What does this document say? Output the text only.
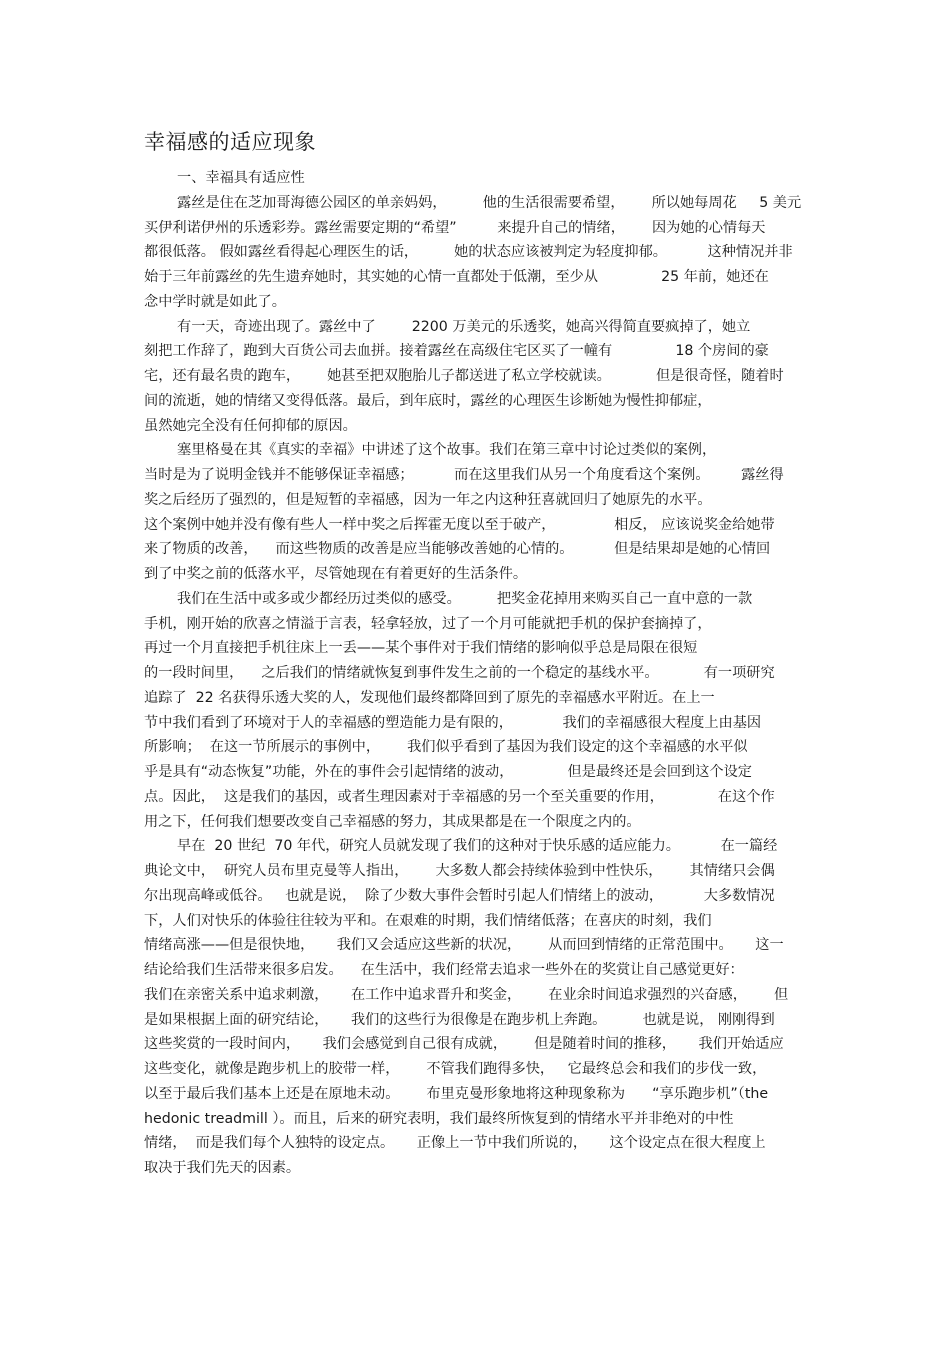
幸福感的适应现象
一、幸福具有适应性
露丝是住在芝加哥海德公园区的单亲妈妈，        他的生活很需要希望，      所以她每周花     5 美元
买伊利诺伊州的乐透彩券。露丝需要定期的“希望”         来提升自己的情绪，      因为她的心情每天
都很低落。 假如露丝看得起心理医生的话，        她的状态应该被判定为轻度抑郁。         这种情况并非
始于三年前露丝的先生遗弃她时，其实她的心情一直都处于低潮，至少从              25 年前，她还在
念中学时就是如此了。
有一天，奇迹出现了。露丝中了        2200 万美元的乐透奖，她高兴得简直要疯掉了，她立
刻把工作辞了，跑到大百货公司去血拼。接着露丝在高级住宅区买了一幢有              18 个房间的豪
宅，还有最名贵的跑车，      她甚至把双胞胎儿子都送进了私立学校就读。          但是很奇怪，随着时
间的流逝，她的情绪又变得低落。最后，到年底时，露丝的心理医生诊断她为慢性抑郁症，
虽然她完全没有任何抑郁的原因。
塞里格曼在其《真实的幸福》中讲述了这个故事。我们在第三章中讨论过类似的案例，
当时是为了说明金钱并不能够保证幸福感；         而在这里我们从另一个角度看这个案例。       露丝得
奖之后经历了强烈的，但是短暂的幸福感，因为一年之内这种狂喜就回归了她原先的水平。
这个案例中她并没有像有些人一样中奖之后挥霍无度以至于破产，             相反， 应该说奖金给她带
来了物质的改善，    而这些物质的改善是应当能够改善她的心情的。         但是结果却是她的心情回
到了中奖之前的低落水平，尽管她现在有着更好的生活条件。
我们在生活中或多或少都经历过类似的感受。        把奖金花掉用来购买自己一直中意的一款
手机，刚开始的欣喜之情溢于言表，轻拿轻放，过了一个月可能就把手机的保护套摘掉了，
再过一个月直接把手机往床上一丢——某个事件对于我们情绪的影响似乎总是局限在很短
的一段时间里，    之后我们的情绪就恢复到事件发生之前的一个稳定的基线水平。          有一项研究
追踪了  22 名获得乐透大奖的人，发现他们最终都降回到了原先的幸福感水平附近。在上一
节中我们看到了环境对于人的幸福感的塑造能力是有限的，           我们的幸福感很大程度上由基因
所影响；  在这一节所展示的事例中，      我们似乎看到了基因为我们设定的这个幸福感的水平似
乎是具有“动态恢复”功能，外在的事件会引起情绪的波动，            但是最终还是会回到这个设定
点。因此，  这是我们的基因，或者生理因素对于幸福感的另一个至关重要的作用，            在这个作
用之下，任何我们想要改变自己幸福感的努力，其成果都是在一个限度之内的。
早在  20 世纪  70 年代，研究人员就发现了我们的这种对于快乐感的适应能力。         在一篇经
典论文中，  研究人员布里克曼等人指出，      大多数人都会持续体验到中性快乐，      其情绪只会偶
尔出现高峰或低谷。   也就是说，  除了少数大事件会暂时引起人们情绪上的波动，         大多数情况
下，人们对快乐的体验往往较为平和。在艰难的时期，我们情绪低落；在喜庆的时刻，我们
情绪高涨——但是很快地，     我们又会适应这些新的状况，      从而回到情绪的正常范围中。     这一
结论给我们生活带来很多启发。    在生活中，我们经常去追求一些外在的奖赏让自己感觉更好：
我们在亲密关系中追求刺激，     在工作中追求晋升和奖金，      在业余时间追求强烈的兴奋感，      但
是如果根据上面的研究结论，     我们的这些行为很像是在跑步机上奔跑。        也就是说， 刚刚得到
这些奖赏的一段时间内，     我们会感觉到自己很有成就，      但是随着时间的推移，     我们开始适应
这些变化，就像是跑步机上的胶带一样，      不管我们跑得多快，   它最终总会和我们的步伐一致，
以至于最后我们基本上还是在原地未动。      布里克曼形象地将这种现象称为      “享乐跑步机”（the
hedonic treadmill ）。而且，后来的研究表明，我们最终所恢复到的情绪水平并非绝对的中性
情绪，  而是我们每个人独特的设定点。     正像上一节中我们所说的，     这个设定点在很大程度上
取决于我们先天的因素。
